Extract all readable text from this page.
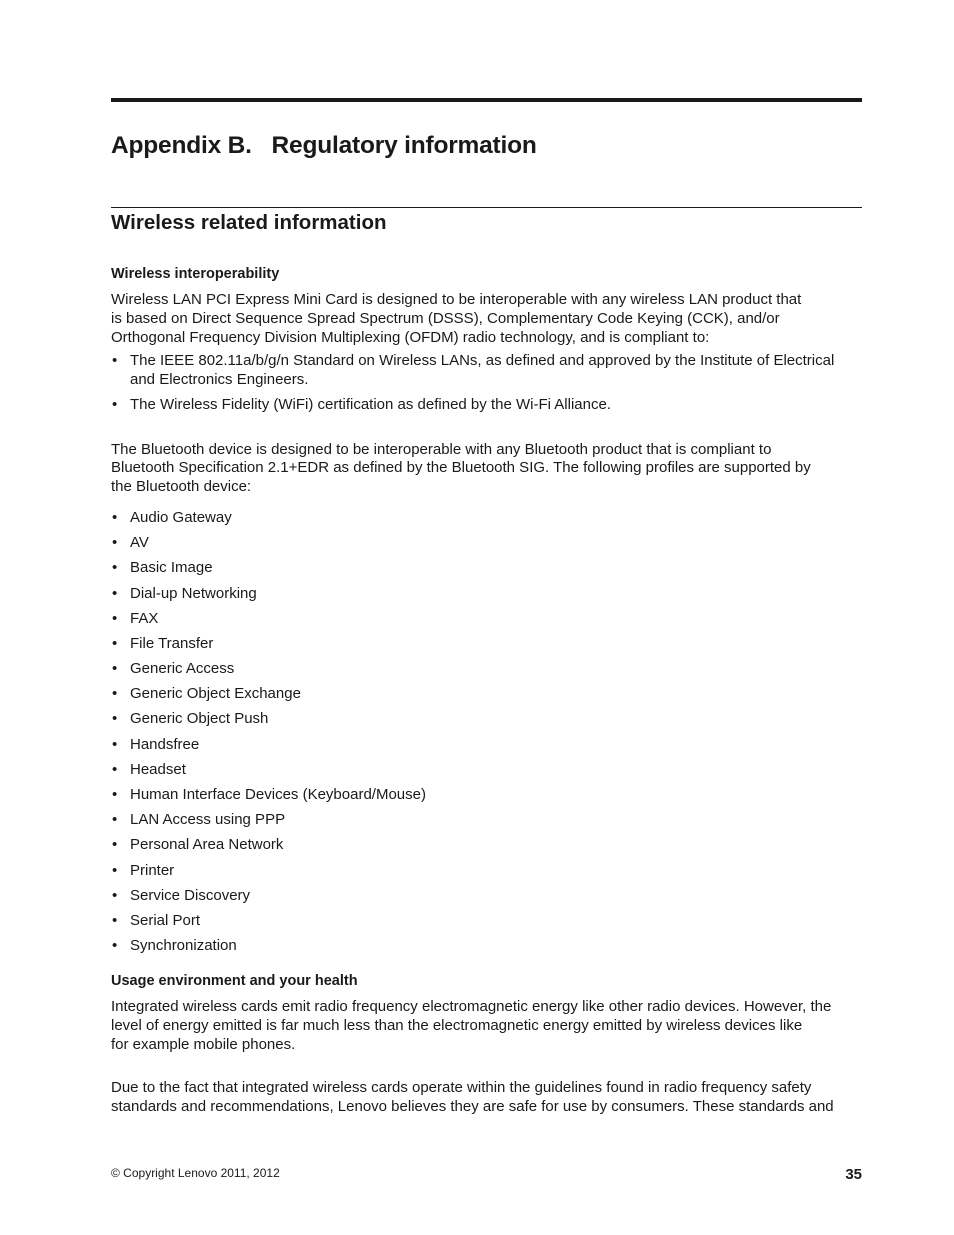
Appendix B.   Regulatory information
Wireless related information
Wireless interoperability

Wireless LAN PCI Express Mini Card is designed to be interoperable with any wireless LAN product that
is based on Direct Sequence Spread Spectrum (DSSS), Complementary Code Keying (CCK), and/or
Orthogonal Frequency Division Multiplexing (OFDM) radio technology, and is compliant to:

• The IEEE 802.11a/b/g/n Standard on Wireless LANs, as defined and approved by the Institute of Electrical
and Electronics Engineers.
• The Wireless Fidelity (WiFi) certification as defined by the Wi-Fi Alliance.

The Bluetooth device is designed to be interoperable with any Bluetooth product that is compliant to
Bluetooth Specification 2.1+EDR as defined by the Bluetooth SIG. The following profiles are supported by
the Bluetooth device:

• Audio Gateway
• AV
• Basic Image
• Dial-up Networking
• FAX
• File Transfer
• Generic Access
• Generic Object Exchange
• Generic Object Push
• Handsfree
• Headset
• Human Interface Devices (Keyboard/Mouse)
• LAN Access using PPP
• Personal Area Network
• Printer
• Service Discovery
• Serial Port
• Synchronization
Usage environment and your health

Integrated wireless cards emit radio frequency electromagnetic energy like other radio devices. However, the
level of energy emitted is far much less than the electromagnetic energy emitted by wireless devices like
for example mobile phones.

Due to the fact that integrated wireless cards operate within the guidelines found in radio frequency safety
standards and recommendations, Lenovo believes they are safe for use by consumers. These standards and

© Copyright Lenovo 2011, 2012	35
